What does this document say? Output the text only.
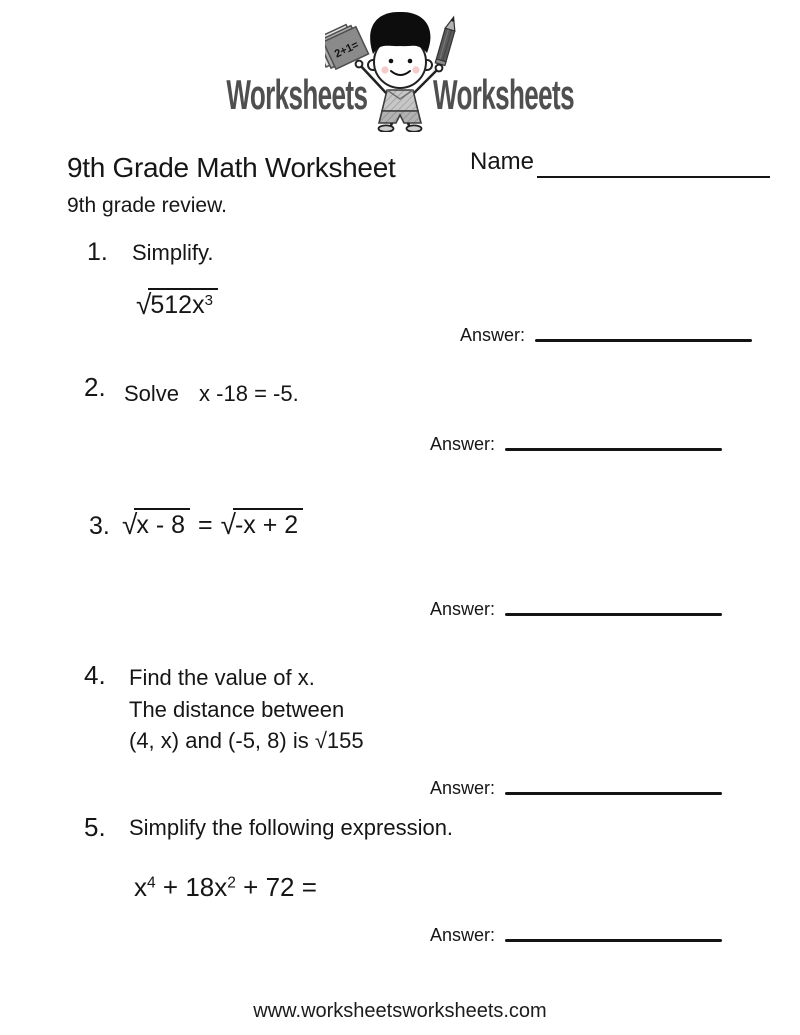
Worksheets
2+1=
Worksheets
9th Grade Math Worksheet	Name
9th grade review.
1. Simplify.
$√512x^3$
Answer:
2. Solve x -18 = -5.
Answer:
3. √x - 8 = √-x + 2
Answer:
4. Find the value of x.
The distance between
(4, x) and (-5, 8) is √155
Answer:
5. Simplify the following expression.
$x^4 + 18x^2 + 72$ =
Answer:
www.worksheetsworksheets.com
